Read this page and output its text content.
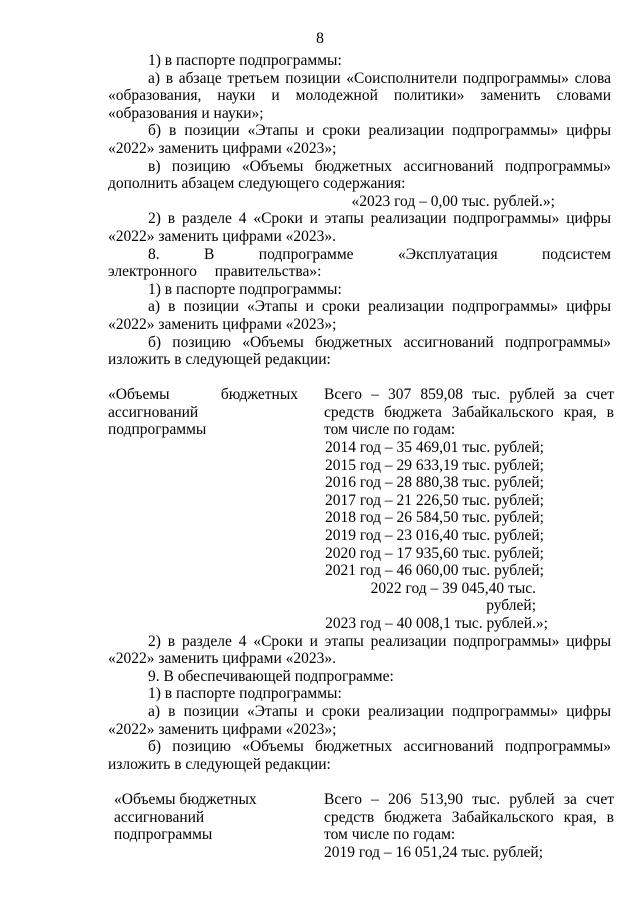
8

1) в паспорте подпрограммы:

а) в абзаце третьем позиции «Соисполнители подпрограммы» слова «образования, науки и молодежной политики» заменить словами «образования и науки»;

б) в позиции «Этапы и сроки реализации подпрограммы» цифры «2022» заменить цифрами «2023»;

в) позицию «Объемы бюджетных ассигнований подпрограммы» дополнить абзацем следующего содержания:

«2023 год – 0,00 тыс. рублей.»;

2) в разделе 4 «Сроки и этапы реализации подпрограммы» цифры «2022» заменить цифрами «2023».

8. В подпрограмме «Эксплуатация подсистем электронного правительства»:

1) в паспорте подпрограммы:

а) в позиции «Этапы и сроки реализации подпрограммы» цифры «2022» заменить цифрами «2023»;

б) позицию «Объемы бюджетных ассигнований подпрограммы» изложить в следующей редакции:

«Объемы	бюджетных
ассигнований
подпрограммы
Всего – 307 859,08 тыс. рублей за счет средств бюджета Забайкальского края, в том числе по годам:
2014 год – 35 469,01 тыс. рублей;
2015 год – 29 633,19 тыс. рублей;
2016 год – 28 880,38 тыс. рублей;
2017 год – 21 226,50 тыс. рублей;
2018 год – 26 584,50 тыс. рублей;
2019 год – 23 016,40 тыс. рублей;
2020 год – 17 935,60 тыс. рублей;
2021 год – 46 060,00 тыс. рублей;
2022 год – 39 045,40 тыс. рублей;
2023 год – 40 008,1 тыс. рублей.»;

2) в разделе 4 «Сроки и этапы реализации подпрограммы» цифры «2022» заменить цифрами «2023».

9. В обеспечивающей подпрограмме:

1) в паспорте подпрограммы:

а) в позиции «Этапы и сроки реализации подпрограммы» цифры «2022» заменить цифрами «2023»;

б) позицию «Объемы бюджетных ассигнований подпрограммы» изложить в следующей редакции:

«Объемы бюджетных
ассигнований
подпрограммы
Всего – 206 513,90 тыс. рублей за счет средств бюджета Забайкальского края, в том числе по годам:
2019 год – 16 051,24 тыс. рублей;
